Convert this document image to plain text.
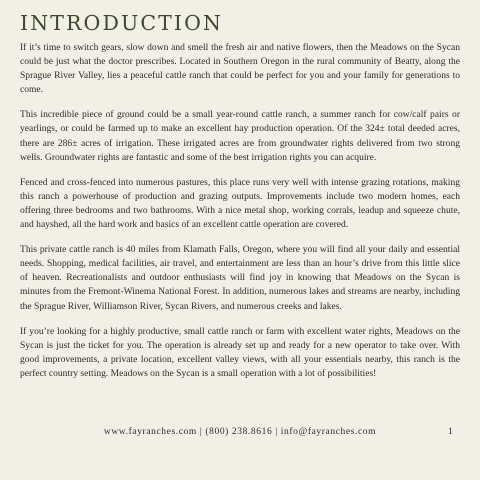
INTRODUCTION

If it’s time to switch gears, slow down and smell the fresh air and native flowers, then the Meadows on the Sycan could be just what the doctor prescribes. Located in Southern Oregon in the rural community of Beatty, along the Sprague River Valley, lies a peaceful cattle ranch that could be perfect for you and your family for generations to come.

This incredible piece of ground could be a small year-round cattle ranch, a summer ranch for cow/calf pairs or yearlings, or could be farmed up to make an excellent hay production operation. Of the 324± total deeded acres, there are 286± acres of irrigation. These irrigated acres are from groundwater rights delivered from two strong wells. Groundwater rights are fantastic and some of the best irrigation rights you can acquire.

Fenced and cross-fenced into numerous pastures, this place runs very well with intense grazing rotations, making this ranch a powerhouse of production and grazing outputs. Improvements include two modern homes, each offering three bedrooms and two bathrooms. With a nice metal shop, working corrals, leadup and squeeze chute, and hayshed, all the hard work and basics of an excellent cattle operation are covered.

This private cattle ranch is 40 miles from Klamath Falls, Oregon, where you will find all your daily and essential needs. Shopping, medical facilities, air travel, and entertainment are less than an hour’s drive from this little slice of heaven. Recreationalists and outdoor enthusiasts will find joy in knowing that Meadows on the Sycan is minutes from the Fremont-Winema National Forest. In addition, numerous lakes and streams are nearby, including the Sprague River, Williamson River, Sycan Rivers, and numerous creeks and lakes.

If you’re looking for a highly productive, small cattle ranch or farm with excellent water rights, Meadows on the Sycan is just the ticket for you. The operation is already set up and ready for a new operator to take over. With good improvements, a private location, excellent valley views, with all your essentials nearby, this ranch is the perfect country setting. Meadows on the Sycan is a small operation with a lot of possibilities!

www.fayranches.com | (800) 238.8616 | info@fayranches.com	1
